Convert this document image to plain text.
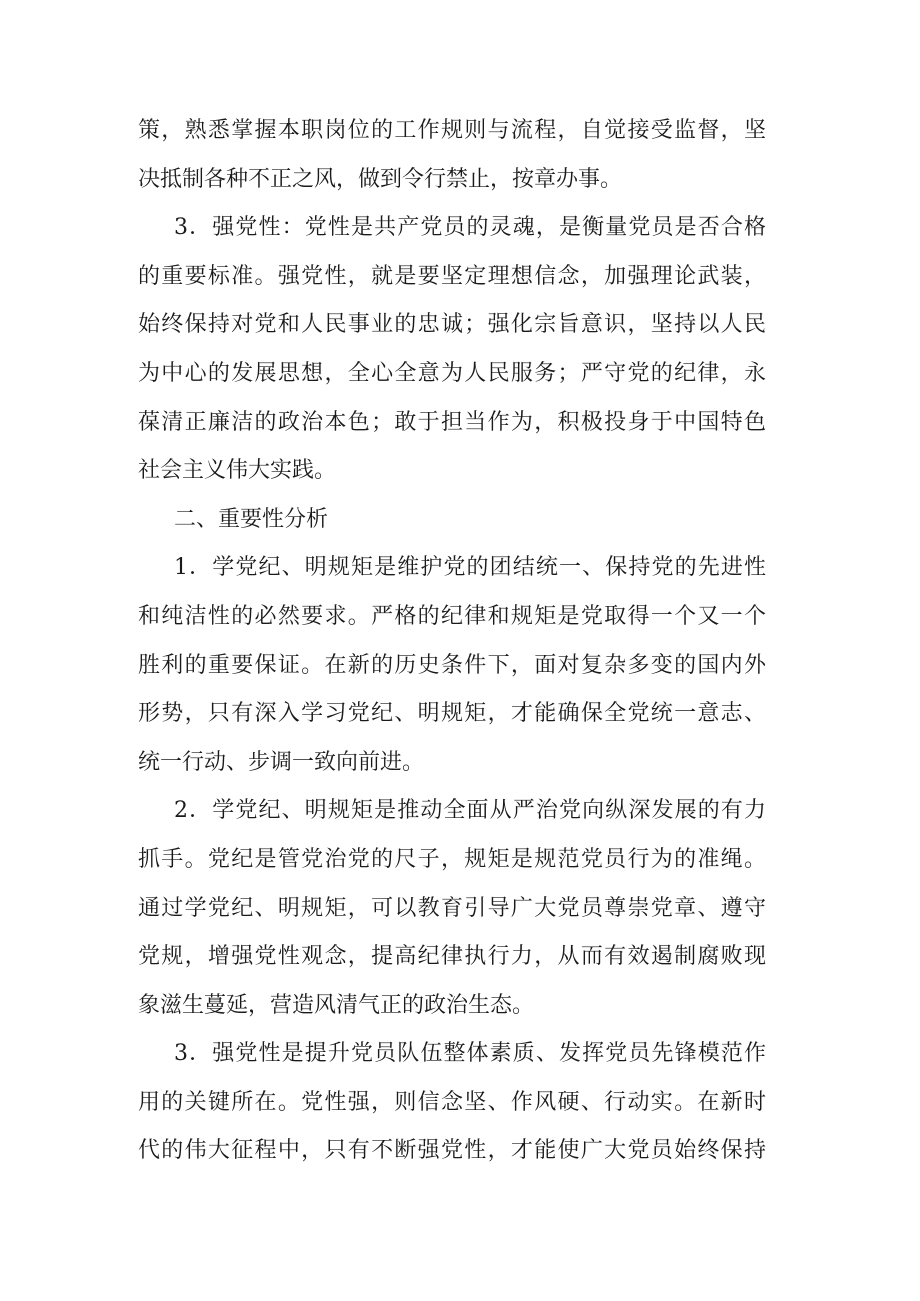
策，熟悉掌握本职岗位的工作规则与流程，自觉接受监督，坚
决抵制各种不正之风，做到令行禁止，按章办事。
3．强党性：党性是共产党员的灵魂，是衡量党员是否合格
的重要标准。强党性，就是要坚定理想信念，加强理论武装，
始终保持对党和人民事业的忠诚；强化宗旨意识，坚持以人民
为中心的发展思想，全心全意为人民服务；严守党的纪律，永
葆清正廉洁的政治本色；敢于担当作为，积极投身于中国特色
社会主义伟大实践。
二、重要性分析
1．学党纪、明规矩是维护党的团结统一、保持党的先进性
和纯洁性的必然要求。严格的纪律和规矩是党取得一个又一个
胜利的重要保证。在新的历史条件下，面对复杂多变的国内外
形势，只有深入学习党纪、明规矩，才能确保全党统一意志、
统一行动、步调一致向前进。
2．学党纪、明规矩是推动全面从严治党向纵深发展的有力
抓手。党纪是管党治党的尺子，规矩是规范党员行为的准绳。
通过学党纪、明规矩，可以教育引导广大党员尊崇党章、遵守
党规，增强党性观念，提高纪律执行力，从而有效遏制腐败现
象滋生蔓延，营造风清气正的政治生态。
3．强党性是提升党员队伍整体素质、发挥党员先锋模范作
用的关键所在。党性强，则信念坚、作风硬、行动实。在新时
代的伟大征程中，只有不断强党性，才能使广大党员始终保持
